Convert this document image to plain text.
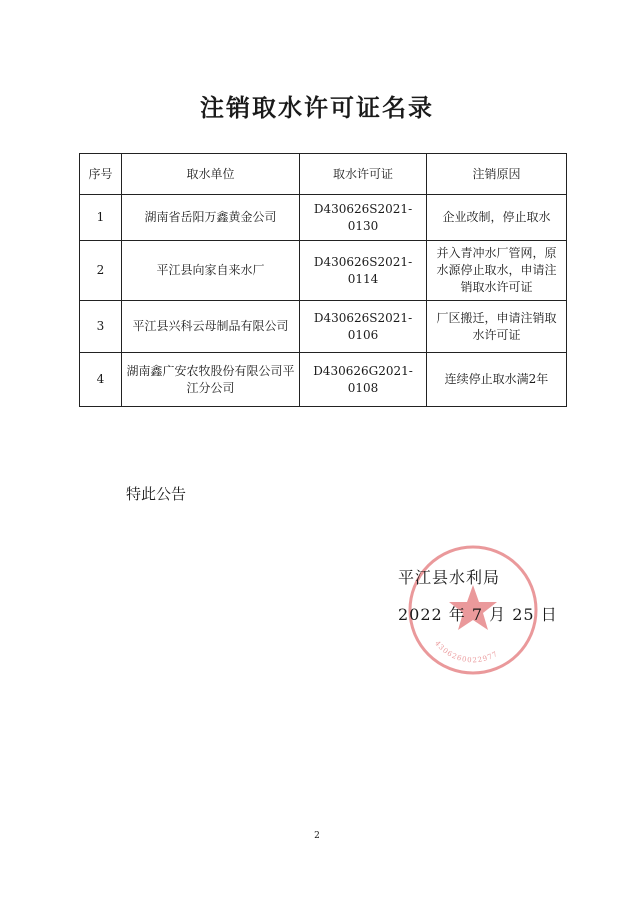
注销取水许可证名录
序号	取水单位	取水许可证	注销原因
1	湖南省岳阳万鑫黄金公司	D430626S2021-0130	企业改制，停止取水
2	平江县向家自来水厂	D430626S2021-0114	并入青冲水厂管网，原水源停止取水，申请注销取水许可证
3	平江县兴科云母制品有限公司	D430626S2021-0106	厂区搬迁，申请注销取水许可证
4	湖南鑫广安农牧股份有限公司平江分公司	D430626G2021-0108	连续停止取水满2年
特此公告
4306260022977
平江县水利局
2022 年 7 月 25 日
2
